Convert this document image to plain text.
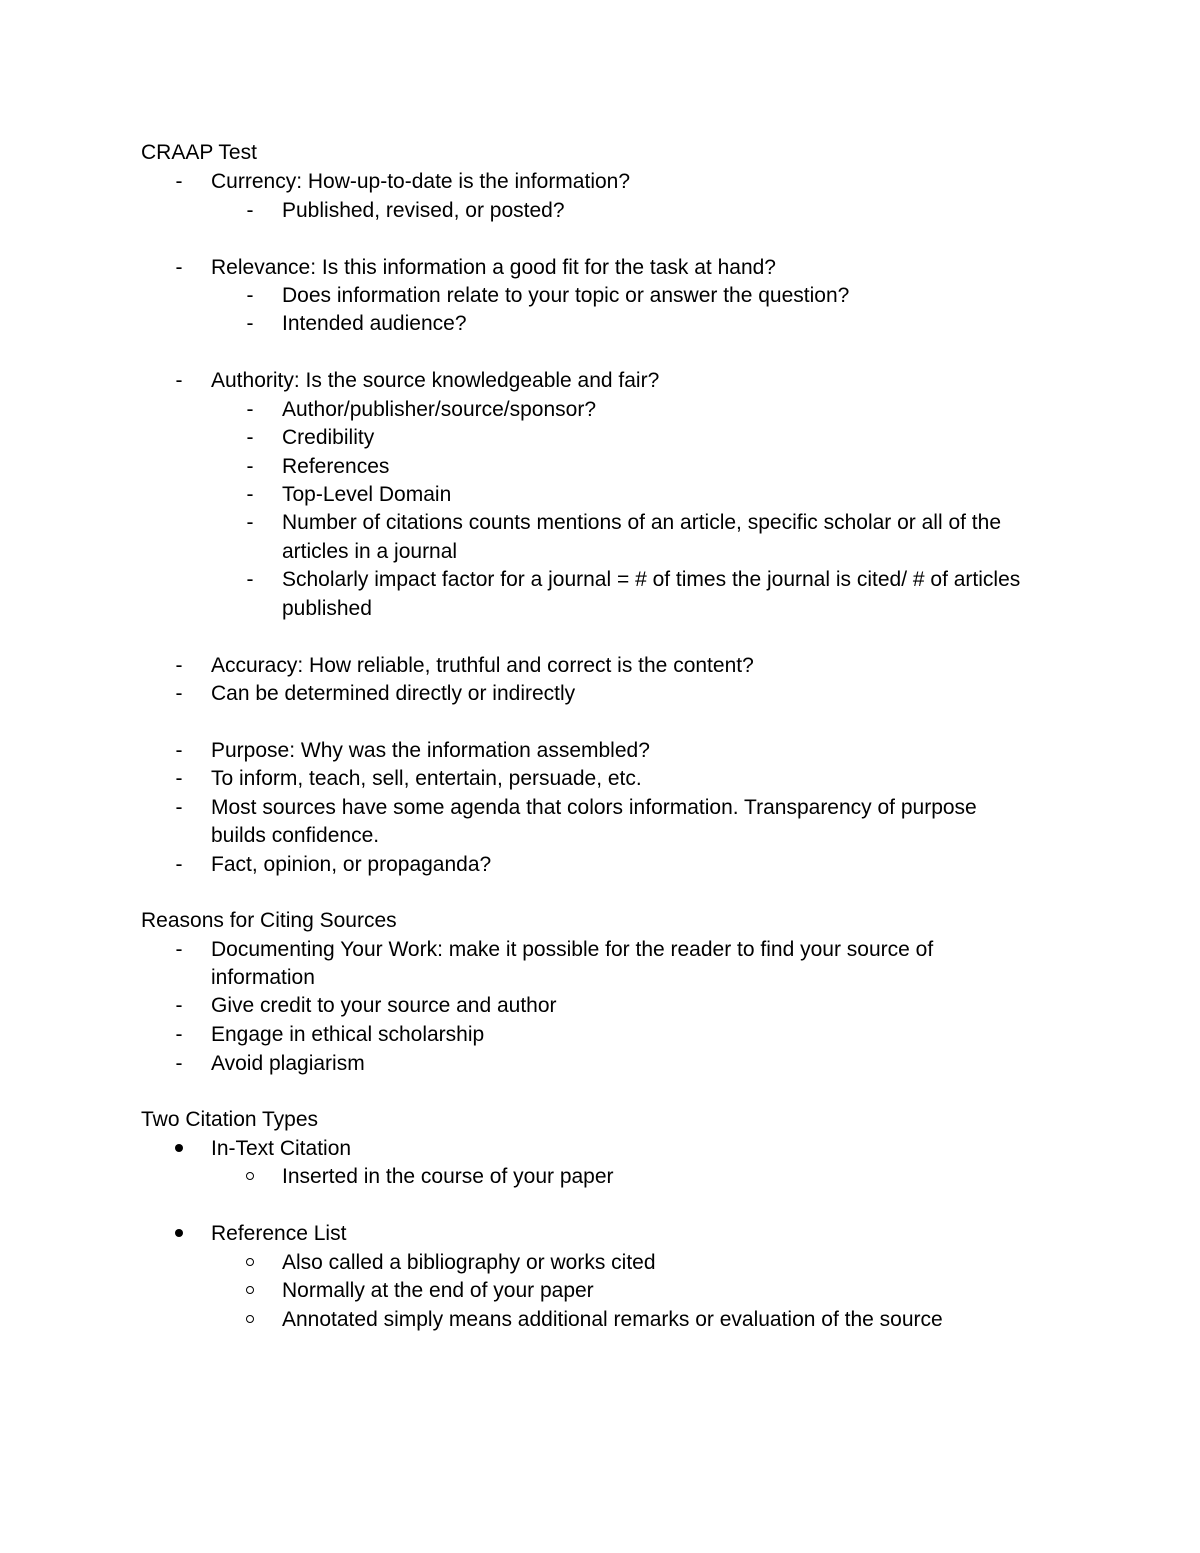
CRAAP Test
-	Currency: How-up-to-date is the information?
-	Published, revised, or posted?
-	Relevance: Is this information a good fit for the task at hand?
-	Does information relate to your topic or answer the question?
-	Intended audience?
-	Authority: Is the source knowledgeable and fair?
-	Author/publisher/source/sponsor?
-	Credibility
-	References
-	Top-Level Domain
-	Number of citations counts mentions of an article, specific scholar or all of the
articles in a journal
-	Scholarly impact factor for a journal = # of times the journal is cited/ # of articles
published
-	Accuracy: How reliable, truthful and correct is the content?
-	Can be determined directly or indirectly
-	Purpose: Why was the information assembled?
-	To inform, teach, sell, entertain, persuade, etc.
-	Most sources have some agenda that colors information. Transparency of purpose
builds confidence.
-	Fact, opinion, or propaganda?
Reasons for Citing Sources
-	Documenting Your Work: make it possible for the reader to find your source of
information
-	Give credit to your source and author
-	Engage in ethical scholarship
-	Avoid plagiarism
Two Citation Types
In-Text Citation
Inserted in the course of your paper
Reference List
Also called a bibliography or works cited
Normally at the end of your paper
Annotated simply means additional remarks or evaluation of the source
